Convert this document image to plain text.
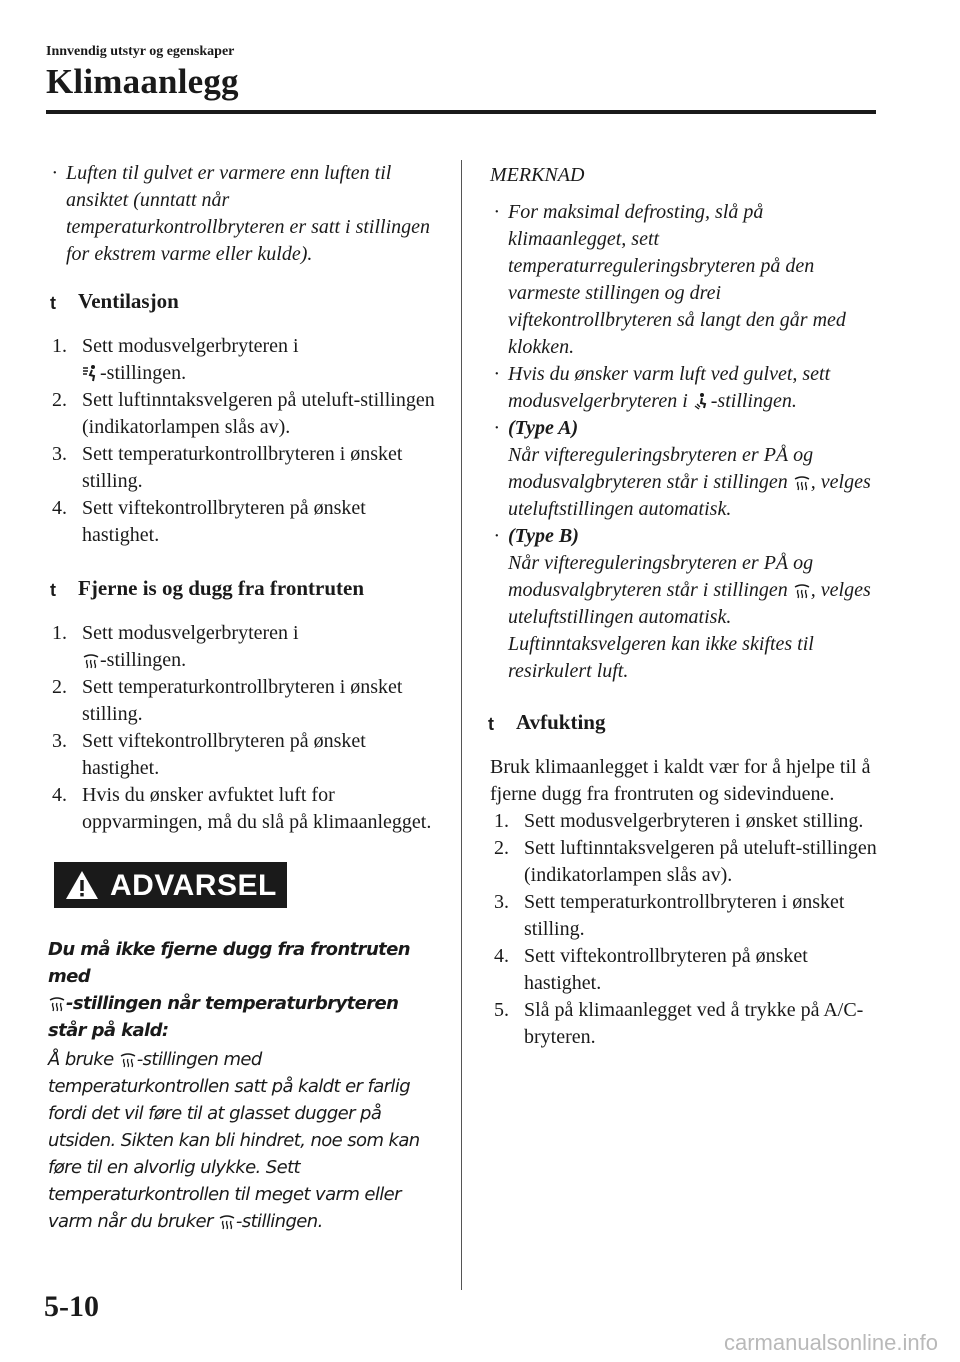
Innvendig utstyr og egenskaper
Klimaanlegg
· Luften til gulvet er varmere enn luften til ansiktet (unntatt når temperaturkontrollbryteren er satt i stillingen for ekstrem varme eller kulde).
t	Ventilasjon
1. Sett modusvelgerbryteren i
-stillingen.
2. Sett luftinntaksvelgeren på uteluft-stillingen (indikatorlampen slås av).
3. Sett temperaturkontrollbryteren i ønsket stilling.
4. Sett viftekontrollbryteren på ønsket hastighet.
t	Fjerne is og dugg fra frontruten
1. Sett modusvelgerbryteren i
-stillingen.
2. Sett temperaturkontrollbryteren i ønsket stilling.
3. Sett viftekontrollbryteren på ønsket hastighet.
4. Hvis du ønsker avfuktet luft for oppvarmingen, må du slå på klimaanlegget.
ADVARSEL
Du må ikke fjerne dugg fra frontruten med
-stillingen når temperaturbryteren står på kald:
Å bruke -stillingen med temperaturkontrollen satt på kaldt er farlig fordi det vil føre til at glasset dugger på utsiden. Sikten kan bli hindret, noe som kan føre til en alvorlig ulykke. Sett temperaturkontrollen til meget varm eller varm når du bruker -stillingen.
MERKNAD
· For maksimal defrosting, slå på klimaanlegget, sett temperaturreguleringsbryteren på den varmeste stillingen og drei viftekontrollbryteren så langt den går med klokken.
· Hvis du ønsker varm luft ved gulvet, sett modusvelgerbryteren i -stillingen.
· (Type A)
Når viftereguleringsbryteren er PÅ og modusvalgbryteren står i stillingen , velges uteluftstillingen automatisk.
· (Type B)
Når viftereguleringsbryteren er PÅ og modusvalgbryteren står i stillingen , velges uteluftstillingen automatisk. Luftinntaksvelgeren kan ikke skiftes til resirkulert luft.
t	Avfukting
Bruk klimaanlegget i kaldt vær for å hjelpe til å fjerne dugg fra frontruten og sidevinduene.
1. Sett modusvelgerbryteren i ønsket stilling.
2. Sett luftinntaksvelgeren på uteluft-stillingen (indikatorlampen slås av).
3. Sett temperaturkontrollbryteren i ønsket stilling.
4. Sett viftekontrollbryteren på ønsket hastighet.
5. Slå på klimaanlegget ved å trykke på A/C-bryteren.
5-10
carmanualsonline.info
